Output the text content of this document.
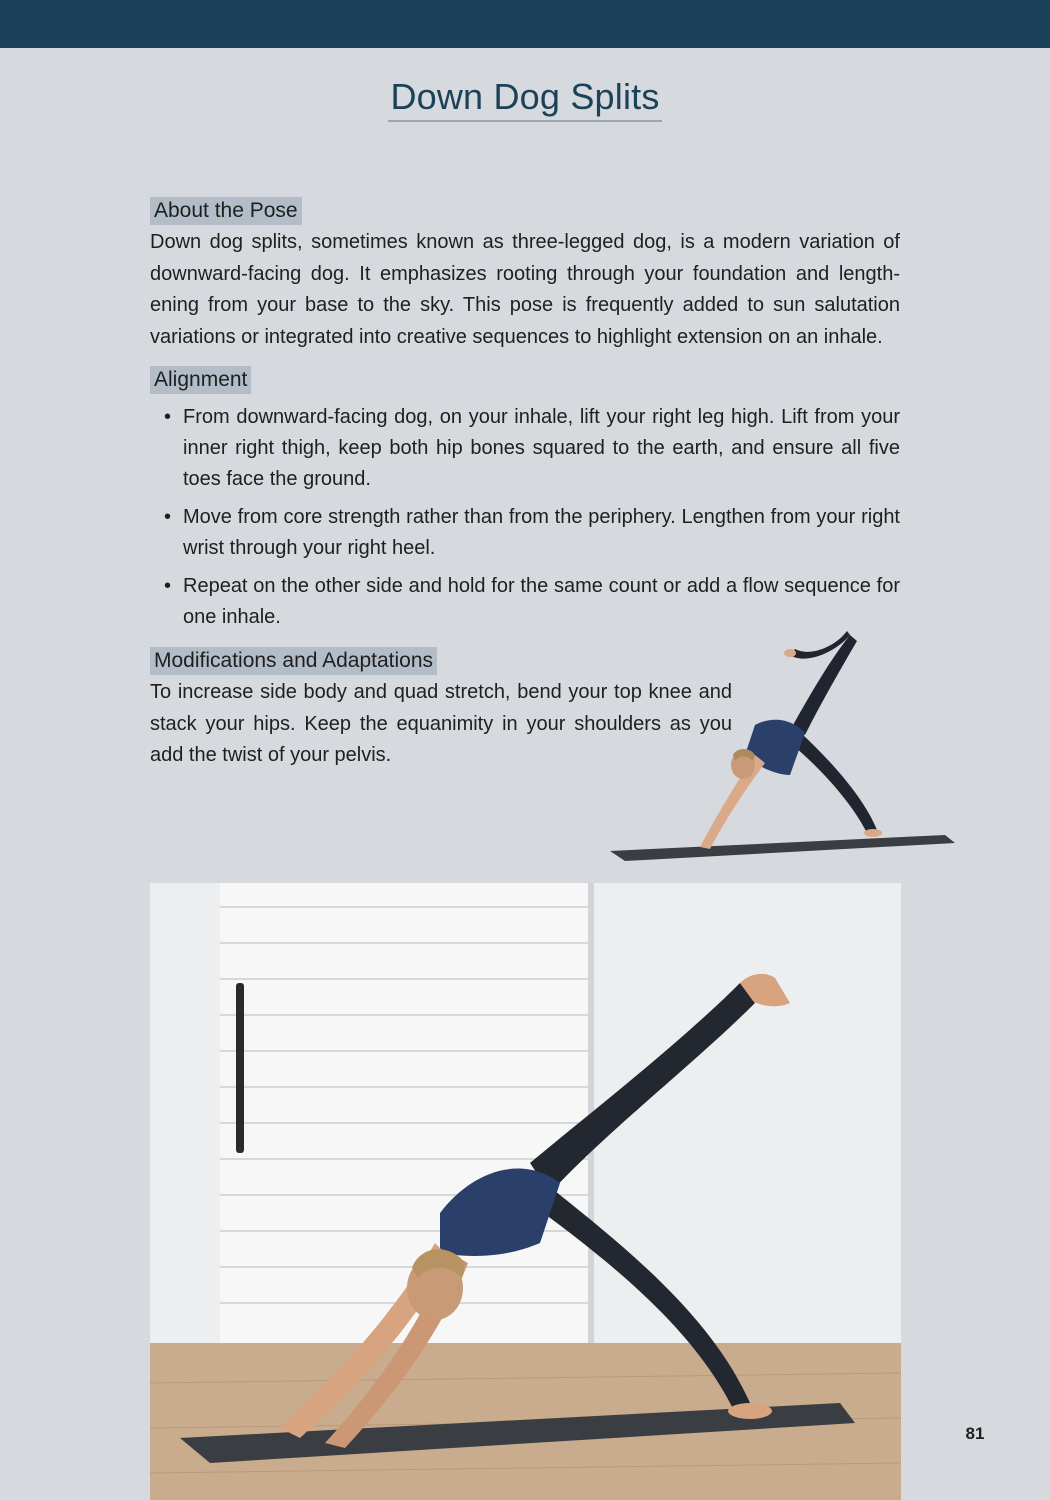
Down Dog Splits
About the Pose

Down dog splits, sometimes known as three-legged dog, is a modern variation of downward-facing dog. It emphasizes rooting through your foundation and lengthening from your base to the sky. This pose is frequently added to sun salutation variations or integrated into creative sequences to highlight extension on an inhale.

Alignment
• From downward-facing dog, on your inhale, lift your right leg high. Lift from your inner right thigh, keep both hip bones squared to the earth, and ensure all five toes face the ground.
• Move from core strength rather than from the periphery. Lengthen from your right wrist through your right heel.
• Repeat on the other side and hold for the same count or add a flow sequence for one inhale.
Modifications and Adaptations

To increase side body and quad stretch, bend your top knee and stack your hips. Keep the equanimity in your shoulders as you add the twist of your pelvis.

81
